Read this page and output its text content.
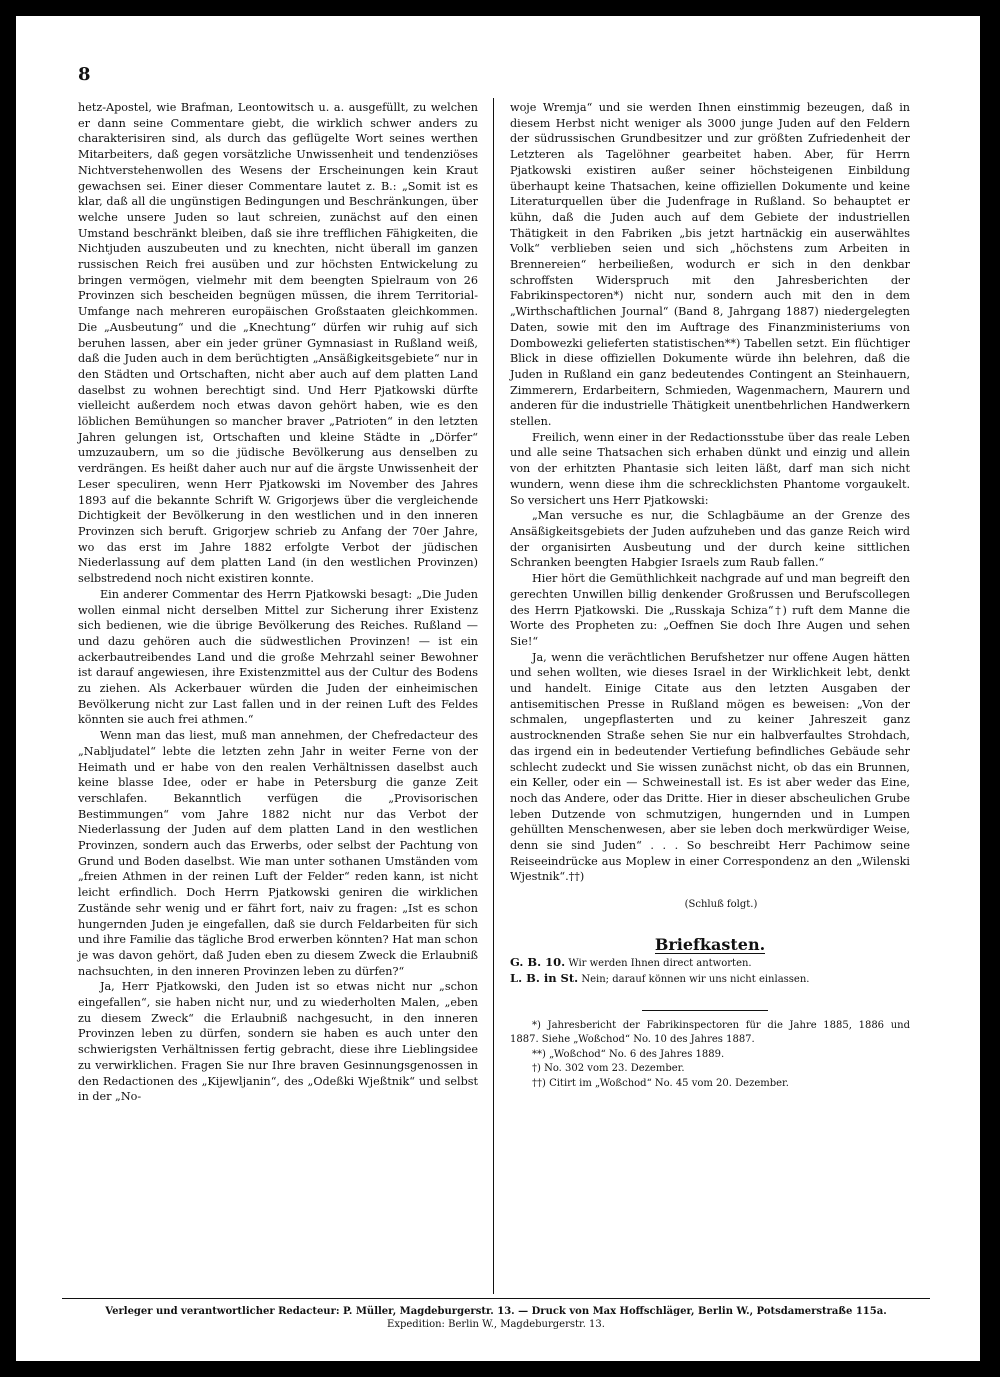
8

hetz-Apostel, wie Brafman, Leontowitsch u. a. ausgefüllt, zu welchen er dann seine Commentare giebt, die wirklich schwer anders zu charakterisiren sind, als durch das geflügelte Wort seines werthen Mitarbeiters, daß gegen vorsätzliche Unwissenheit und tendenziöses Nichtverstehenwollen des Wesens der Erscheinungen kein Kraut gewachsen sei. Einer dieser Commentare lautet z. B.: „Somit ist es klar, daß all die ungünstigen Bedingungen und Beschränkungen, über welche unsere Juden so laut schreien, zunächst auf den einen Umstand beschränkt bleiben, daß sie ihre trefflichen Fähigkeiten, die Nichtjuden auszubeuten und zu knechten, nicht überall im ganzen russischen Reich frei ausüben und zur höchsten Entwickelung zu bringen vermögen, vielmehr mit dem beengten Spielraum von 26 Provinzen sich bescheiden begnügen müssen, die ihrem Territorial-Umfange nach mehreren europäischen Großstaaten gleichkommen. Die „Ausbeutung“ und die „Knechtung“ dürfen wir ruhig auf sich beruhen lassen, aber ein jeder grüner Gymnasiast in Rußland weiß, daß die Juden auch in dem berüchtigten „Ansäßigkeitsgebiete“ nur in den Städten und Ortschaften, nicht aber auch auf dem platten Land daselbst zu wohnen berechtigt sind. Und Herr Pjatkowski dürfte vielleicht außerdem noch etwas davon gehört haben, wie es den löblichen Bemühungen so mancher braver „Patrioten“ in den letzten Jahren gelungen ist, Ortschaften und kleine Städte in „Dörfer“ umzuzaubern, um so die jüdische Bevölkerung aus denselben zu verdrängen. Es heißt daher auch nur auf die ärgste Unwissenheit der Leser speculiren, wenn Herr Pjatkowski im November des Jahres 1893 auf die bekannte Schrift W. Grigorjews über die vergleichende Dichtigkeit der Bevölkerung in den westlichen und in den inneren Provinzen sich beruft. Grigorjew schrieb zu Anfang der 70er Jahre, wo das erst im Jahre 1882 erfolgte Verbot der jüdischen Niederlassung auf dem platten Land (in den westlichen Provinzen) selbstredend noch nicht existiren konnte.

Ein anderer Commentar des Herrn Pjatkowski besagt: „Die Juden wollen einmal nicht derselben Mittel zur Sicherung ihrer Existenz sich bedienen, wie die übrige Bevölkerung des Reiches. Rußland — und dazu gehören auch die südwestlichen Provinzen! — ist ein ackerbautreibendes Land und die große Mehrzahl seiner Bewohner ist darauf angewiesen, ihre Existenzmittel aus der Cultur des Bodens zu ziehen. Als Ackerbauer würden die Juden der einheimischen Bevölkerung nicht zur Last fallen und in der reinen Luft des Feldes könnten sie auch frei athmen.“

Wenn man das liest, muß man annehmen, der Chefredacteur des „Nabljudatel“ lebte die letzten zehn Jahr in weiter Ferne von der Heimath und er habe von den realen Verhältnissen daselbst auch keine blasse Idee, oder er habe in Petersburg die ganze Zeit verschlafen. Bekanntlich verfügen die „Provisorischen Bestimmungen“ vom Jahre 1882 nicht nur das Verbot der Niederlassung der Juden auf dem platten Land in den westlichen Provinzen, sondern auch das Erwerbs, oder selbst der Pachtung von Grund und Boden daselbst. Wie man unter sothanen Umständen vom „freien Athmen in der reinen Luft der Felder“ reden kann, ist nicht leicht erfindlich. Doch Herrn Pjatkowski geniren die wirklichen Zustände sehr wenig und er fährt fort, naiv zu fragen: „Ist es schon hungernden Juden je eingefallen, daß sie durch Feldarbeiten für sich und ihre Familie das tägliche Brod erwerben könnten? Hat man schon je was davon gehört, daß Juden eben zu diesem Zweck die Erlaubniß nachsuchten, in den inneren Provinzen leben zu dürfen?“

Ja, Herr Pjatkowski, den Juden ist so etwas nicht nur „schon eingefallen“, sie haben nicht nur, und zu wiederholten Malen, „eben zu diesem Zweck“ die Erlaubniß nachgesucht, in den inneren Provinzen leben zu dürfen, sondern sie haben es auch unter den schwierigsten Verhältnissen fertig gebracht, diese ihre Lieblingsidee zu verwirklichen. Fragen Sie nur Ihre braven Gesinnungsgenossen in den Redactionen des „Kijewljanin“, des „Odeßki Wjeßtnik“ und selbst in der „No-

woje Wremja“ und sie werden Ihnen einstimmig bezeugen, daß in diesem Herbst nicht weniger als 3000 junge Juden auf den Feldern der südrussischen Grundbesitzer und zur größten Zufriedenheit der Letzteren als Tagelöhner gearbeitet haben. Aber, für Herrn Pjatkowski existiren außer seiner höchsteigenen Einbildung überhaupt keine Thatsachen, keine offiziellen Dokumente und keine Literaturquellen über die Judenfrage in Rußland. So behauptet er kühn, daß die Juden auch auf dem Gebiete der industriellen Thätigkeit in den Fabriken „bis jetzt hartnäckig ein auserwähltes Volk“ verblieben seien und sich „höchstens zum Arbeiten in Brennereien“ herbeiließen, wodurch er sich in den denkbar schroffsten Widerspruch mit den Jahresberichten der Fabrikinspectoren*) nicht nur, sondern auch mit den in dem „Wirthschaftlichen Journal“ (Band 8, Jahrgang 1887) niedergelegten Daten, sowie mit den im Auftrage des Finanzministeriums von Dombowezki gelieferten statistischen**) Tabellen setzt. Ein flüchtiger Blick in diese offiziellen Dokumente würde ihn belehren, daß die Juden in Rußland ein ganz bedeutendes Contingent an Steinhauern, Zimmerern, Erdarbeitern, Schmieden, Wagenmachern, Maurern und anderen für die industrielle Thätigkeit unentbehrlichen Handwerkern stellen.

Freilich, wenn einer in der Redactionsstube über das reale Leben und alle seine Thatsachen sich erhaben dünkt und einzig und allein von der erhitzten Phantasie sich leiten läßt, darf man sich nicht wundern, wenn diese ihm die schrecklichsten Phantome vorgaukelt. So versichert uns Herr Pjatkowski:

„Man versuche es nur, die Schlagbäume an der Grenze des Ansäßigkeitsgebiets der Juden aufzuheben und das ganze Reich wird der organisirten Ausbeutung und der durch keine sittlichen Schranken beengten Habgier Israels zum Raub fallen.“

Hier hört die Gemüthlichkeit nachgrade auf und man begreift den gerechten Unwillen billig denkender Großrussen und Berufscollegen des Herrn Pjatkowski. Die „Russkaja Schiza“†) ruft dem Manne die Worte des Propheten zu: „Oeffnen Sie doch Ihre Augen und sehen Sie!“

Ja, wenn die verächtlichen Berufshetzer nur offene Augen hätten und sehen wollten, wie dieses Israel in der Wirklichkeit lebt, denkt und handelt. Einige Citate aus den letzten Ausgaben der antisemitischen Presse in Rußland mögen es beweisen: „Von der schmalen, ungepflasterten und zu keiner Jahreszeit ganz austrocknenden Straße sehen Sie nur ein halbverfaultes Strohdach, das irgend ein in bedeutender Vertiefung befindliches Gebäude sehr schlecht zudeckt und Sie wissen zunächst nicht, ob das ein Brunnen, ein Keller, oder ein — Schweinestall ist. Es ist aber weder das Eine, noch das Andere, oder das Dritte. Hier in dieser abscheulichen Grube leben Dutzende von schmutzigen, hungernden und in Lumpen gehüllten Menschenwesen, aber sie leben doch merkwürdiger Weise, denn sie sind Juden“ . . . So beschreibt Herr Pachimow seine Reiseeindrücke aus Moplew in einer Correspondenz an den „Wilenski Wjestnik“.††)

(Schluß folgt.)

Briefkasten.

G. B. 10. Wir werden Ihnen direct antworten.

L. B. in St. Nein; darauf können wir uns nicht einlassen.

*) Jahresbericht der Fabrikinspectoren für die Jahre 1885, 1886 und 1887. Siehe „Woßchod“ No. 10 des Jahres 1887.

**) „Woßchod“ No. 6 des Jahres 1889.

†) No. 302 vom 23. Dezember.

††) Citirt im „Woßchod“ No. 45 vom 20. Dezember.

Verleger und verantwortlicher Redacteur: P. Müller, Magdeburgerstr. 13. — Druck von Max Hoffschläger, Berlin W., Potsdamerstraße 115a.
Expedition: Berlin W., Magdeburgerstr. 13.
